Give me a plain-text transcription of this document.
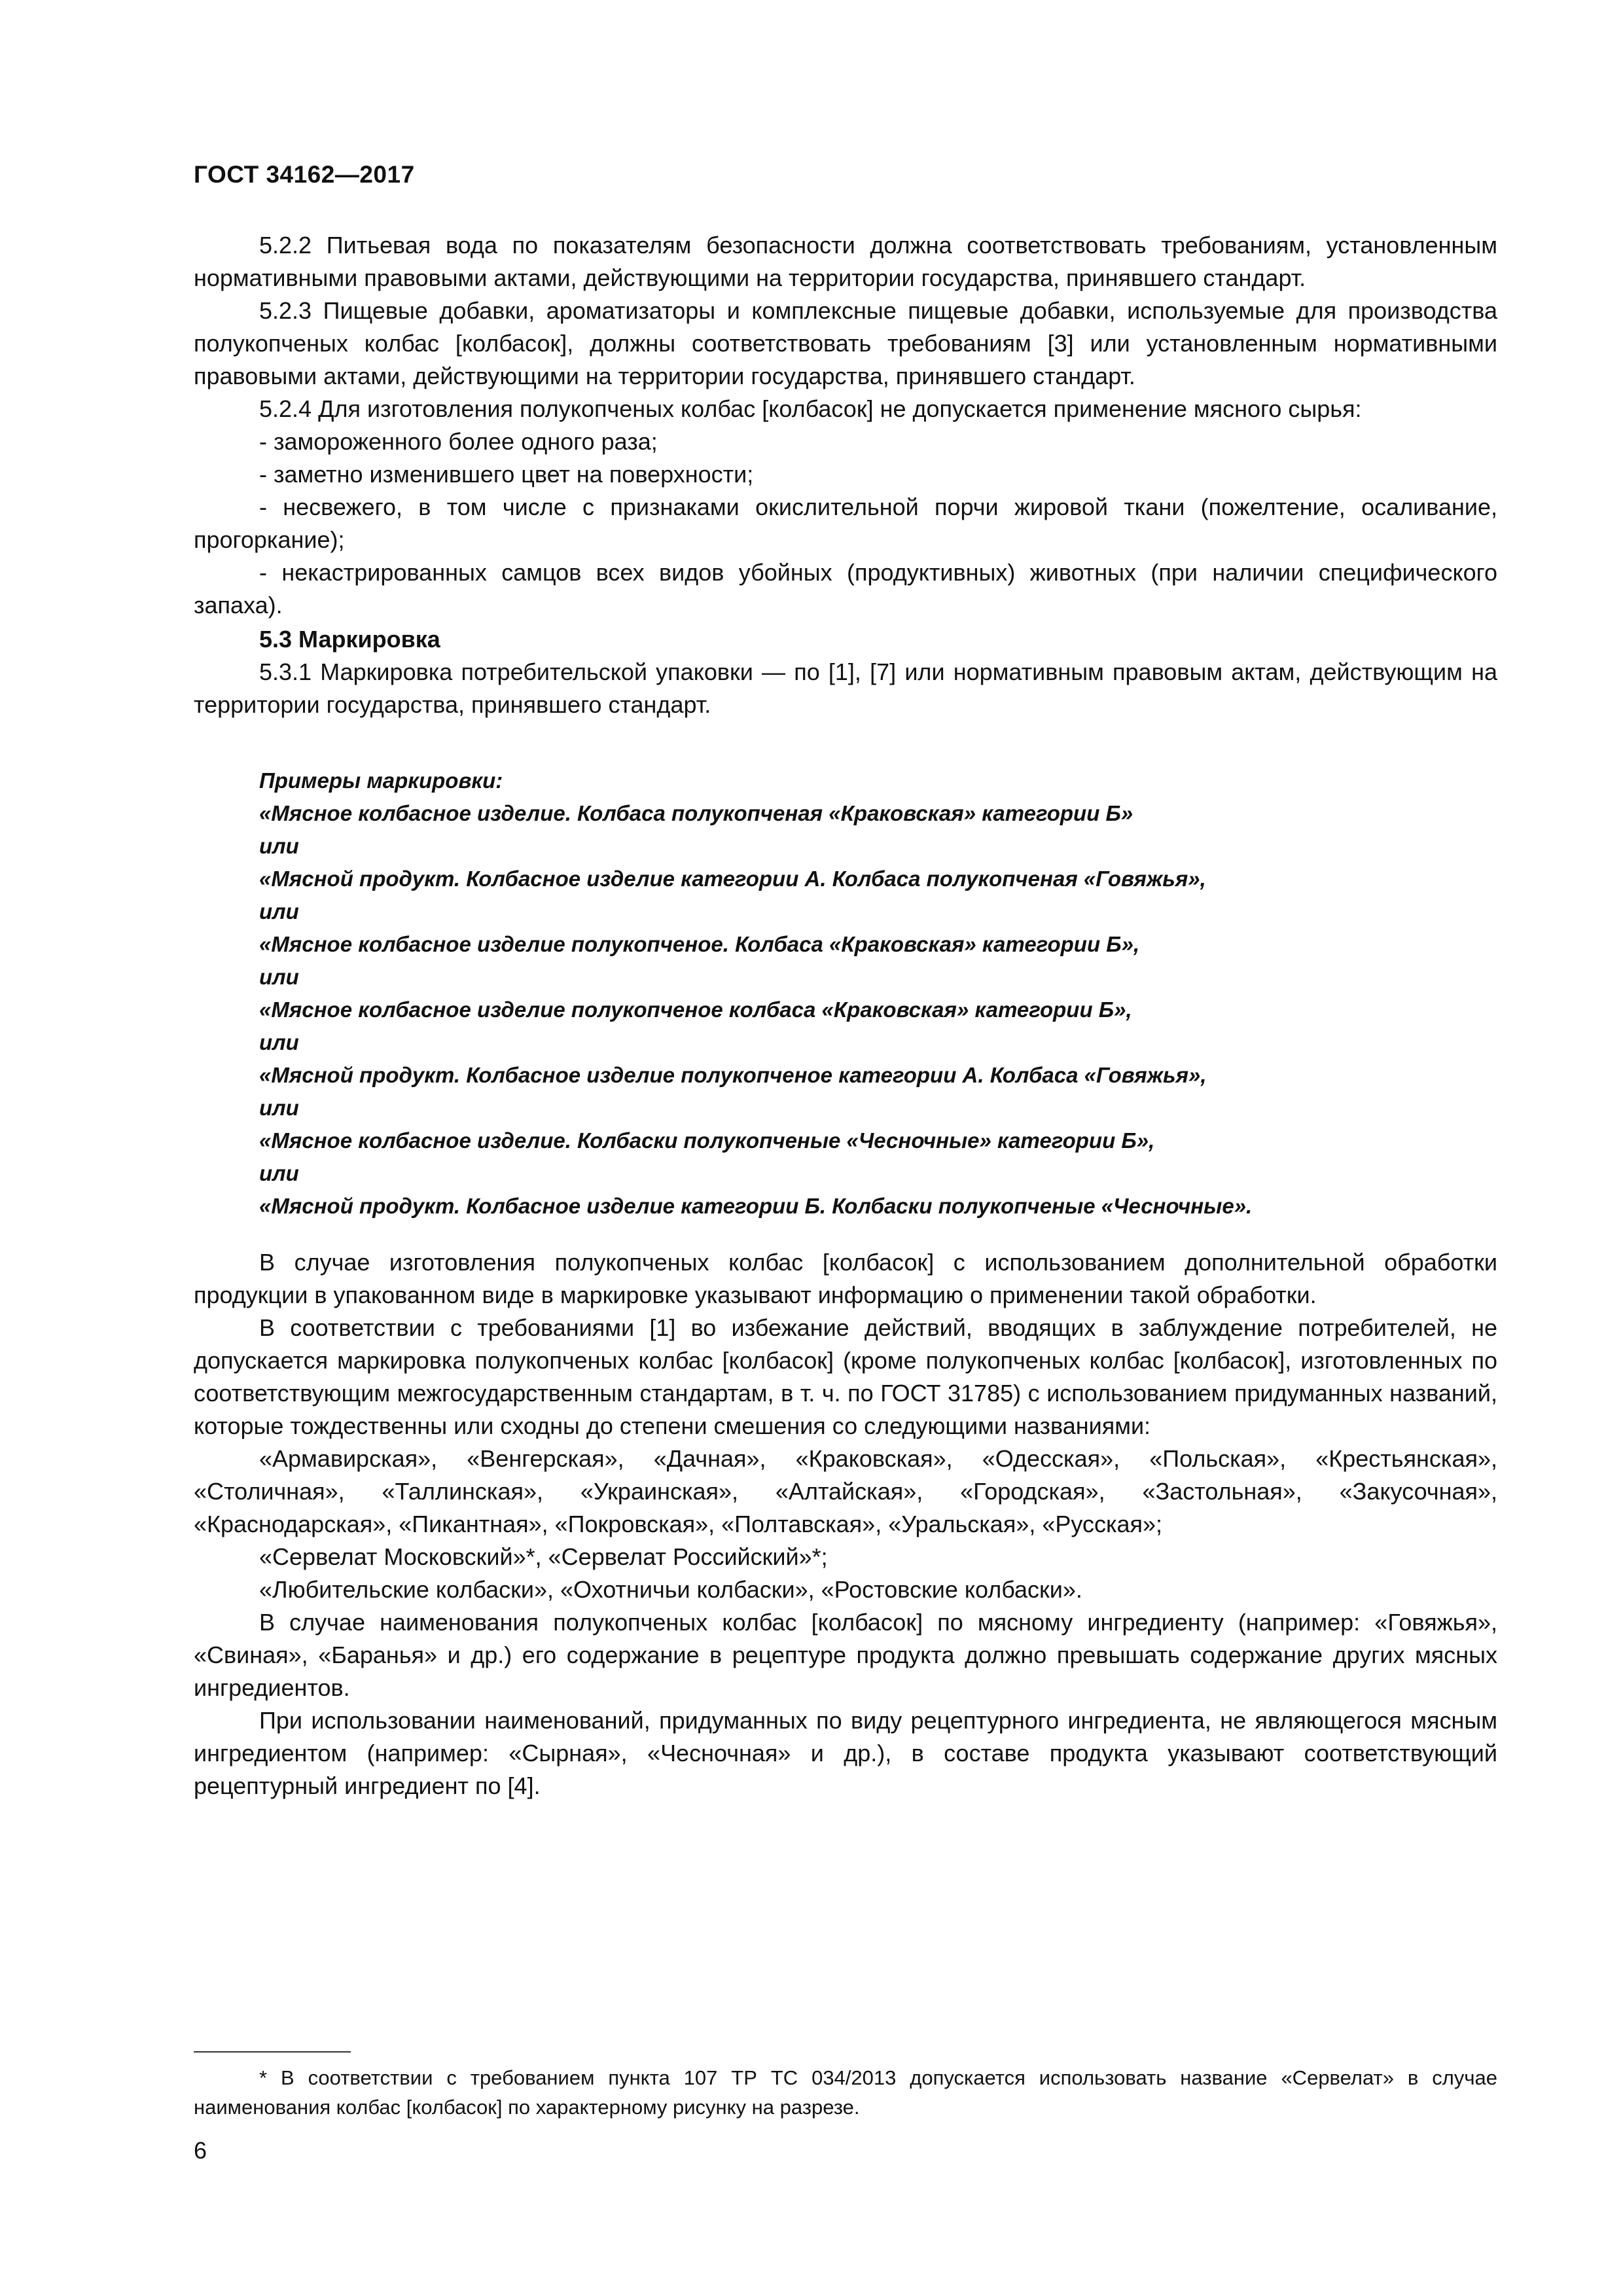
ГОСТ 34162—2017

5.2.2 Питьевая вода по показателям безопасности должна соответствовать требованиям, установленным нормативными правовыми актами, действующими на территории государства, принявшего стандарт.

5.2.3 Пищевые добавки, ароматизаторы и комплексные пищевые добавки, используемые для производства полукопченых колбас [колбасок], должны соответствовать требованиям [3] или установленным нормативными правовыми актами, действующими на территории государства, принявшего стандарт.

5.2.4 Для изготовления полукопченых колбас [колбасок] не допускается применение мясного сырья:

- замороженного более одного раза;

- заметно изменившего цвет на поверхности;

- несвежего, в том числе с признаками окислительной порчи жировой ткани (пожелтение, осаливание, прогоркание);

- некастрированных самцов всех видов убойных (продуктивных) животных (при наличии специфического запаха).

5.3 Маркировка

5.3.1 Маркировка потребительской упаковки — по [1], [7] или нормативным правовым актам, действующим на территории государства, принявшего стандарт.

Примеры маркировки:
«Мясное колбасное изделие. Колбаса полукопченая «Краковская» категории Б»
или
«Мясной продукт. Колбасное изделие категории А. Колбаса полукопченая «Говяжья»,
или
«Мясное колбасное изделие полукопченое. Колбаса «Краковская» категории Б»,
или
«Мясное колбасное изделие полукопченое колбаса «Краковская» категории Б»,
или
«Мясной продукт. Колбасное изделие полукопченое категории А. Колбаса «Говяжья»,
или
«Мясное колбасное изделие. Колбаски полукопченые «Чесночные» категории Б»,
или
«Мясной продукт. Колбасное изделие категории Б. Колбаски полукопченые «Чесночные».

В случае изготовления полукопченых колбас [колбасок] с использованием дополнительной обработки продукции в упакованном виде в маркировке указывают информацию о применении такой обработки.

В соответствии с требованиями [1] во избежание действий, вводящих в заблуждение потребителей, не допускается маркировка полукопченых колбас [колбасок] (кроме полукопченых колбас [колбасок], изготовленных по соответствующим межгосударственным стандартам, в т. ч. по ГОСТ 31785) с использованием придуманных названий, которые тождественны или сходны до степени смешения со следующими названиями:

«Армавирская», «Венгерская», «Дачная», «Краковская», «Одесская», «Польская», «Крестьянская», «Столичная», «Таллинская», «Украинская», «Алтайская», «Городская», «Застольная», «Закусочная», «Краснодарская», «Пикантная», «Покровская», «Полтавская», «Уральская», «Русская»;

«Сервелат Московский»*, «Сервелат Российский»*;

«Любительские колбаски», «Охотничьи колбаски», «Ростовские колбаски».

В случае наименования полукопченых колбас [колбасок] по мясному ингредиенту (например: «Говяжья», «Свиная», «Баранья» и др.) его содержание в рецептуре продукта должно превышать содержание других мясных ингредиентов.

При использовании наименований, придуманных по виду рецептурного ингредиента, не являющегося мясным ингредиентом (например: «Сырная», «Чесночная» и др.), в составе продукта указывают соответствующий рецептурный ингредиент по [4].

* В соответствии с требованием пункта 107 ТР ТС 034/2013 допускается использовать название «Сервелат» в случае наименования колбас [колбасок] по характерному рисунку на разрезе.

6
